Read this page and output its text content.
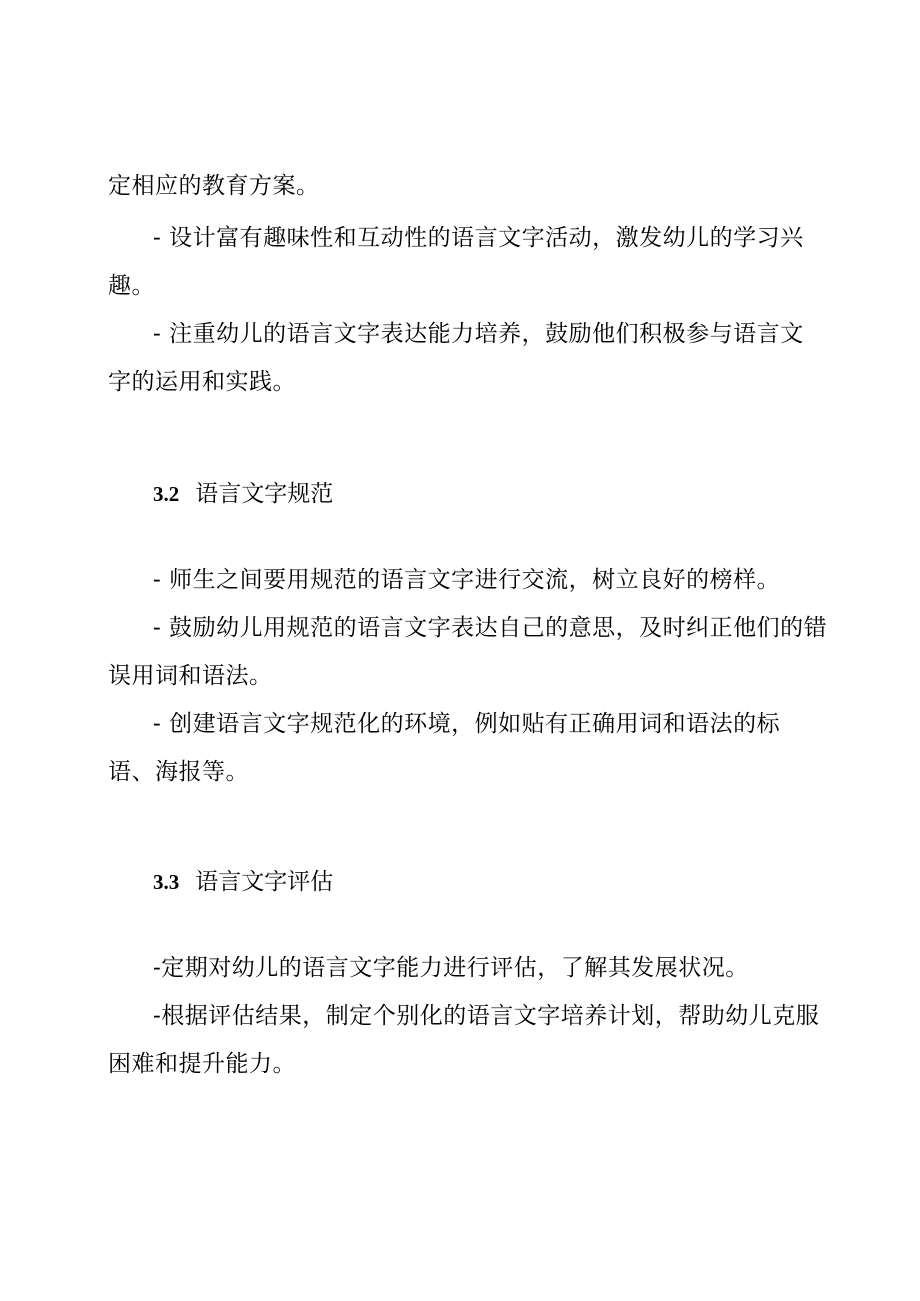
定相应的教育方案。
- 设计富有趣味性和互动性的语言文字活动，激发幼儿的学习兴
趣。
- 注重幼儿的语言文字表达能力培养，鼓励他们积极参与语言文
字的运用和实践。
3.2 语言文字规范
- 师生之间要用规范的语言文字进行交流，树立良好的榜样。
- 鼓励幼儿用规范的语言文字表达自己的意思，及时纠正他们的错
误用词和语法。
- 创建语言文字规范化的环境，例如贴有正确用词和语法的标
语、海报等。
3.3 语言文字评估
-定期对幼儿的语言文字能力进行评估，了解其发展状况。
-根据评估结果，制定个别化的语言文字培养计划，帮助幼儿克服
困难和提升能力。
